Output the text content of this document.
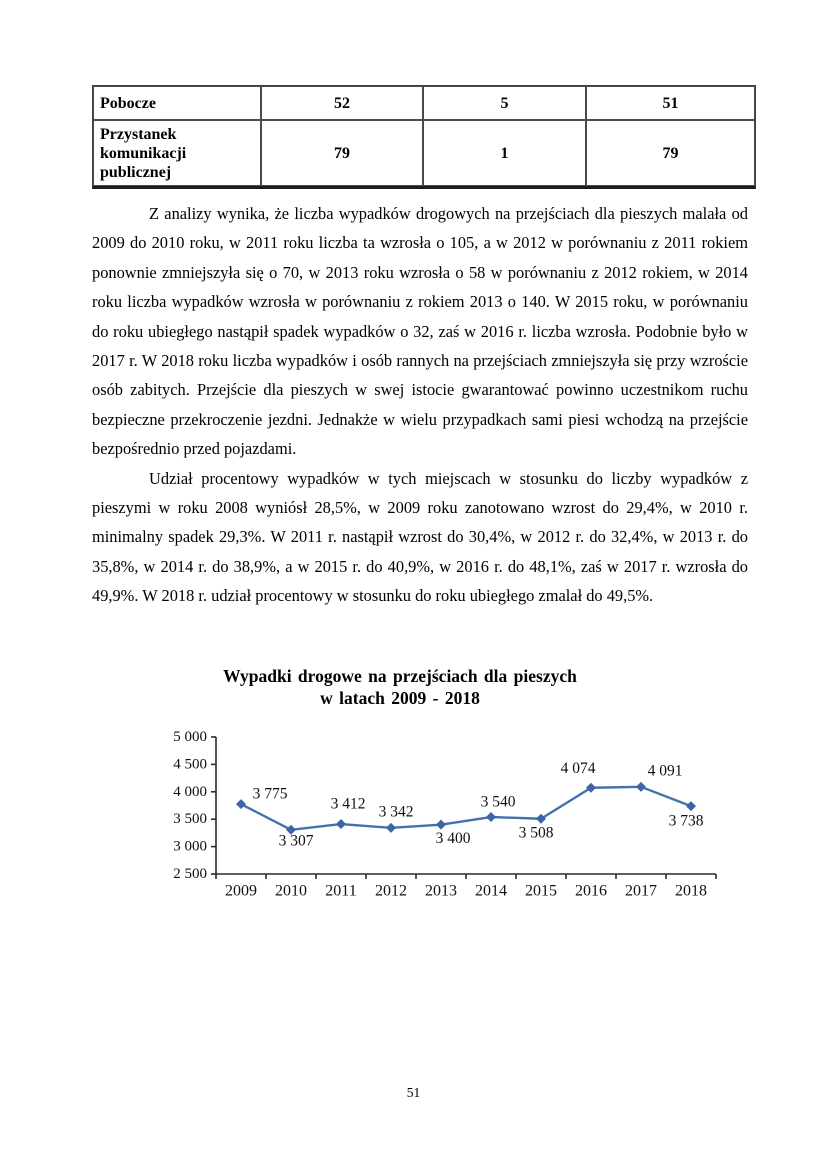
Pobocze	52	5	51
Przystanek komunikacji publicznej	79	1	79

Z analizy wynika, że liczba wypadków drogowych na przejściach dla pieszych malała od 2009 do 2010 roku, w 2011 roku liczba ta wzrosła o 105, a w 2012 w porównaniu z 2011 rokiem ponownie zmniejszyła się o 70, w 2013 roku wzrosła o 58 w porównaniu z 2012 rokiem, w 2014 roku liczba wypadków wzrosła w porównaniu z rokiem 2013 o 140. W 2015 roku, w porównaniu do roku ubiegłego nastąpił spadek wypadków o 32, zaś w 2016 r. liczba wzrosła. Podobnie było w 2017 r. W 2018 roku liczba wypadków i osób rannych na przejściach zmniejszyła się przy wzroście osób zabitych. Przejście dla pieszych w swej istocie gwarantować powinno uczestnikom ruchu bezpieczne przekroczenie jezdni. Jednakże w wielu przypadkach sami piesi wchodzą na przejście bezpośrednio przed pojazdami.

Udział procentowy wypadków w tych miejscach w stosunku do liczby wypadków z pieszymi w roku 2008 wyniósł 28,5%, w 2009 roku zanotowano wzrost do 29,4%, w 2010 r. minimalny spadek 29,3%. W 2011 r. nastąpił wzrost do 30,4%, w 2012 r. do 32,4%, w 2013 r. do 35,8%, w 2014 r. do 38,9%, a w 2015 r. do 40,9%, w 2016 r. do 48,1%, zaś w 2017 r. wzrosła do 49,9%. W 2018 r. udział procentowy w stosunku do roku ubiegłego zmalał do 49,5%.

Wypadki drogowe na przejściach dla pieszych
w latach 2009 - 2018
2 500
3 000
3 500
4 000
4 500
5 000
2009 2010 2011 2012 2013 2014 2015 2016 2017 2018
3 775
3 307
3 412 3 342
3 400
3 540
3 508
4 074	4 091
3 738
51
